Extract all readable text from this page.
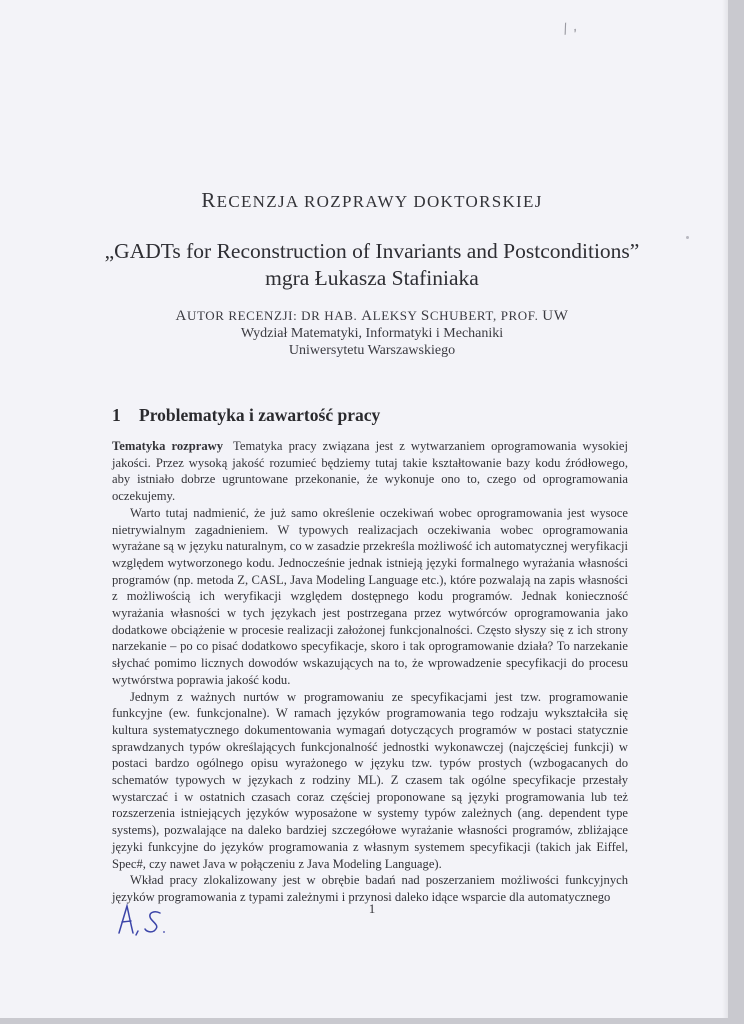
/ ,
RECENZJA ROZPRAWY DOKTORSKIEJ
„GADTs for Reconstruction of Invariants and Postconditions”
mgra Łukasza Stafiniaka
AUTOR RECENZJI: DR HAB. ALEKSY SCHUBERT, PROF. UW
Wydział Matematyki, Informatyki i Mechaniki
Uniwersytetu Warszawskiego
1 Problematyka i zawartość pracy

Tematyka rozprawy Tematyka pracy związana jest z wytwarzaniem oprogramowania wysokiej jakości. Przez wysoką jakość rozumieć będziemy tutaj takie kształtowanie bazy kodu źródłowego, aby istniało dobrze ugruntowane przekonanie, że wykonuje ono to, czego od oprogramowania oczekujemy.

Warto tutaj nadmienić, że już samo określenie oczekiwań wobec oprogramowania jest wysoce nietrywialnym zagadnieniem. W typowych realizacjach oczekiwania wobec oprogramowania wyrażane są w języku naturalnym, co w zasadzie przekreśla możliwość ich automatycznej weryfikacji względem wytworzonego kodu. Jednocześnie jednak istnieją języki formalnego wyrażania własności programów (np. metoda Z, CASL, Java Modeling Language etc.), które pozwalają na zapis własności z możliwością ich weryfikacji względem dostępnego kodu programów. Jednak konieczność wyrażania własności w tych językach jest postrzegana przez wytwórców oprogramowania jako dodatkowe obciążenie w procesie realizacji założonej funkcjonalności. Często słyszy się z ich strony narzekanie – po co pisać dodatkowo specyfikacje, skoro i tak oprogramowanie działa? To narzekanie słychać pomimo licznych dowodów wskazujących na to, że wprowadzenie specyfikacji do procesu wytwórstwa poprawia jakość kodu.

Jednym z ważnych nurtów w programowaniu ze specyfikacjami jest tzw. programowanie funkcyjne (ew. funkcjonalne). W ramach języków programowania tego rodzaju wykształciła się kultura systematycznego dokumentowania wymagań dotyczących programów w postaci statycznie sprawdzanych typów określających funkcjonalność jednostki wykonawczej (najczęściej funkcji) w postaci bardzo ogólnego opisu wyrażonego w języku tzw. typów prostych (wzbogacanych do schematów typowych w językach z rodziny ML). Z czasem tak ogólne specyfikacje przestały wystarczać i w ostatnich czasach coraz częściej proponowane są języki programowania lub też rozszerzenia istniejących języków wyposażone w systemy typów zależnych (ang. dependent type systems), pozwalające na daleko bardziej szczegółowe wyrażanie własności programów, zbliżające języki funkcyjne do języków programowania z własnym systemem specyfikacji (takich jak Eiffel, Spec#, czy nawet Java w połączeniu z Java Modeling Language).

Wkład pracy zlokalizowany jest w obrębie badań nad poszerzaniem możliwości funkcyjnych języków programowania z typami zależnymi i przynosi daleko idące wsparcie dla automatycznego

1
